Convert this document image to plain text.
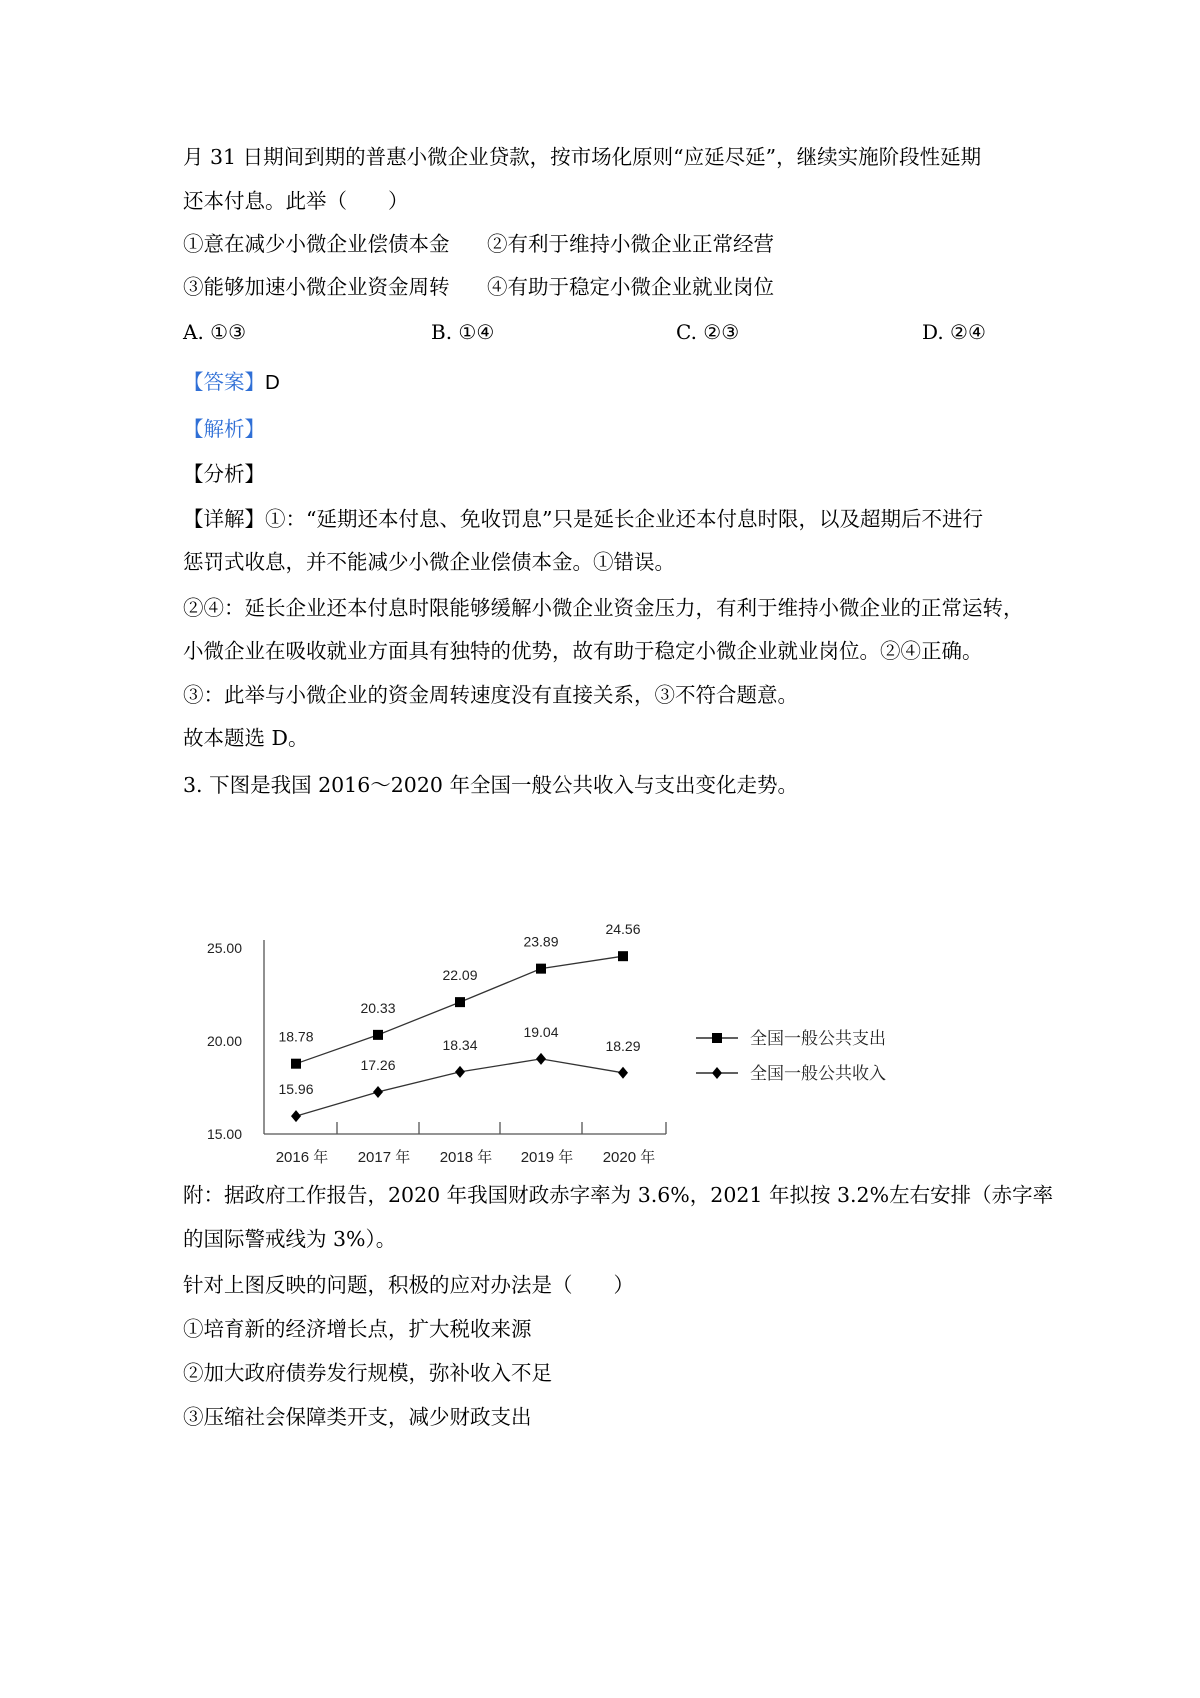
月 31 日期间到期的普惠小微企业贷款，按市场化原则“应延尽延”，继续实施阶段性延期
还本付息。此举（　　）
①意在减少小微企业偿债本金 ②有利于维持小微企业正常经营
③能够加速小微企业资金周转 ④有助于稳定小微企业就业岗位
A. ①③	B. ①④	C. ②③	D. ②④
【答案】D
【解析】
【分析】
【详解】①：“延期还本付息、免收罚息”只是延长企业还本付息时限，以及超期后不进行
惩罚式收息，并不能减少小微企业偿债本金。①错误。
②④：延长企业还本付息时限能够缓解小微企业资金压力，有利于维持小微企业的正常运转，
小微企业在吸收就业方面具有独特的优势，故有助于稳定小微企业就业岗位。②④正确。
③：此举与小微企业的资金周转速度没有直接关系，③不符合题意。
故本题选 D。
3. 下图是我国 2016～2020 年全国一般公共收入与支出变化走势。
25.00
20.00
15.00
2016 年 2017 年 2018 年 2019 年 2020 年
18.78
20.33
22.09
23.89
24.56
15.96
17.26
18.34
19.04
18.29	全国一般公共支出
全国一般公共收入
附：据政府工作报告，2020 年我国财政赤字率为 3.6%，2021 年拟按 3.2%左右安排（赤字率
的国际警戒线为 3%）。
针对上图反映的问题，积极的应对办法是（　　）
①培育新的经济增长点，扩大税收来源
②加大政府债券发行规模，弥补收入不足
③压缩社会保障类开支，减少财政支出
